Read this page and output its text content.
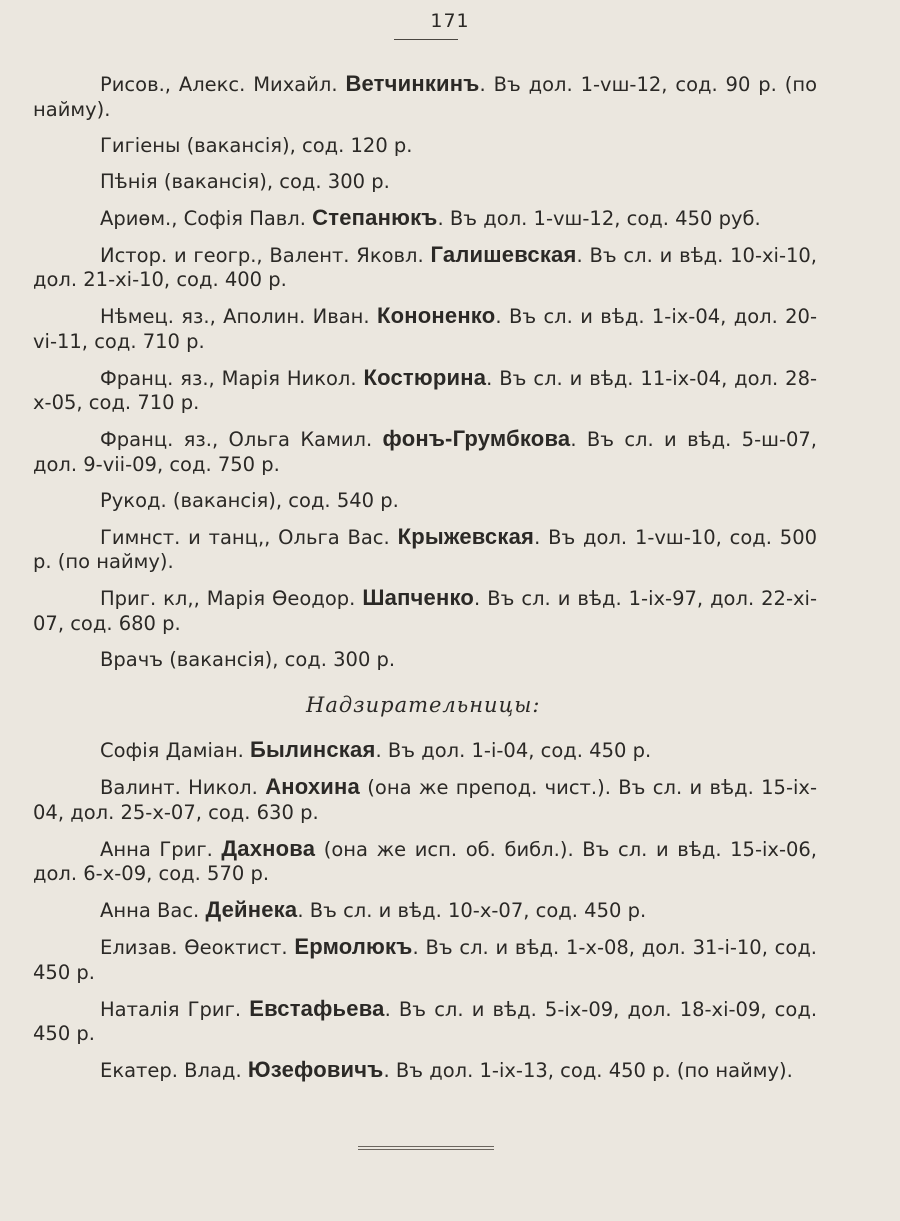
171

Рисов., Алекс. Михайл. Ветчинкинъ. Въ дол. 1-vш-12, сод. 90 р. (по найму).

Гигіены (вакансія), сод. 120 р.

Пѣнія (вакансія), сод. 300 р.

Ариѳм., Софія Павл. Степанюкъ. Въ дол. 1-vш-12, сод. 450 руб.

Истор. и геогр., Валент. Яковл. Галишевская. Въ сл. и вѣд. 10-xi-10, дол. 21-xi-10, сод. 400 р.

Нѣмец. яз., Аполин. Иван. Кононенко. Въ сл. и вѣд. 1-ix-04, дол. 20-vi-11, сод. 710 р.

Франц. яз., Марія Никол. Костюрина. Въ сл. и вѣд. 11-ix-04, дол. 28-x-05, сод. 710 р.

Франц. яз., Ольга Камил. фонъ-Грумбкова. Въ сл. и вѣд. 5-ш-07, дол. 9-vii-09, сод. 750 р.

Рукод. (вакансія), сод. 540 р.

Гимнст. и танц,, Ольга Вас. Крыжевская. Въ дол. 1-vш-10, сод. 500 р. (по найму).

Приг. кл,, Марія Ѳеодор. Шапченко. Въ сл. и вѣд. 1-ix-97, дол. 22-xi-07, сод. 680 р.

Врачъ (вакансія), сод. 300 р.

Надзирательницы:

Софія Даміан. Былинская. Въ дол. 1-i-04, сод. 450 р.

Валинт. Никол. Анохина (она же препод. чист.). Въ сл. и вѣд. 15-ix-04, дол. 25-x-07, сод. 630 р.

Анна Григ. Дахнова (она же исп. об. библ.). Въ сл. и вѣд. 15-ix-06, дол. 6-x-09, сод. 570 р.

Анна Вас. Дейнека. Въ сл. и вѣд. 10-x-07, сод. 450 р.

Елизав. Ѳеоктист. Ермолюкъ. Въ сл. и вѣд. 1-x-08, дол. 31-i-10, сод. 450 р.

Наталія Григ. Евстафьева. Въ сл. и вѣд. 5-ix-09, дол. 18-xi-09, сод. 450 р.

Екатер. Влад. Юзефовичъ. Въ дол. 1-ix-13, сод. 450 р. (по найму).
